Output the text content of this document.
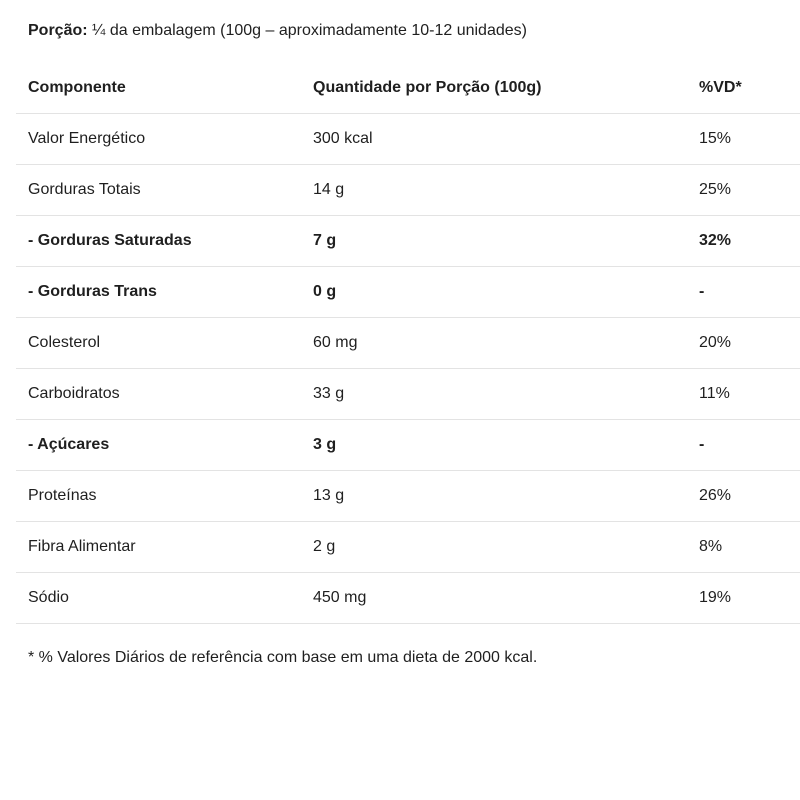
Porção: ¼ da embalagem (100g – aproximadamente 10-12 unidades)
Componente	Quantidade por Porção (100g)	%VD*
Valor Energético	300 kcal	15%
Gorduras Totais	14 g	25%
- Gorduras Saturadas	7 g	32%
- Gorduras Trans	0 g	-
Colesterol	60 mg	20%
Carboidratos	33 g	11%
- Açúcares	3 g	-
Proteínas	13 g	26%
Fibra Alimentar	2 g	8%
Sódio	450 mg	19%
* % Valores Diários de referência com base em uma dieta de 2000 kcal.
